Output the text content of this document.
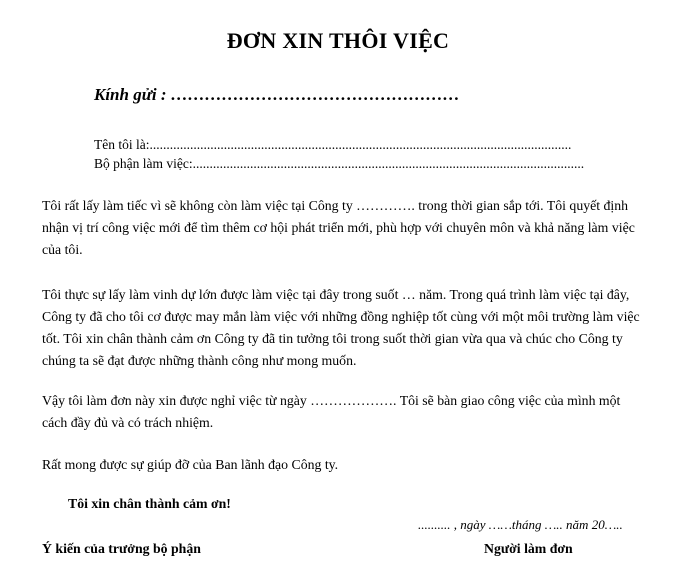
ĐƠN XIN THÔI VIỆC
Kính gửi : ……………………………………………
Tên tôi là:.............................................................................................................................
Bộ phận làm việc:....................................................................................................................
Tôi rất lấy làm tiếc vì sẽ không còn làm việc tại Công ty …………. trong thời gian sắp tới. Tôi quyết định
nhận vị trí công việc mới để tìm thêm cơ hội phát triển mới, phù hợp với chuyên môn và khả năng làm việc
của tôi.
Tôi thực sự lấy làm vinh dự lớn được làm việc tại đây trong suốt … năm. Trong quá trình làm việc tại đây,
Công ty đã cho tôi cơ được may mắn làm việc với những đồng nghiệp tốt cùng với một môi trường làm việc
tốt. Tôi xin chân thành cảm ơn Công ty đã tin tưởng tôi trong suốt thời gian vừa qua và chúc cho Công ty
chúng ta sẽ đạt được những thành công như mong muốn.
Vậy tôi làm đơn này xin được nghỉ việc từ ngày ………………. Tôi sẽ bàn giao công việc của mình một
cách đầy đủ và có trách nhiệm.
Rất mong được sự giúp đỡ của Ban lãnh đạo Công ty.
Tôi xin chân thành cảm ơn!
.......... , ngày ……tháng ….. năm 20…..
Ý kiến của trưởng bộ phận	Người làm đơn
